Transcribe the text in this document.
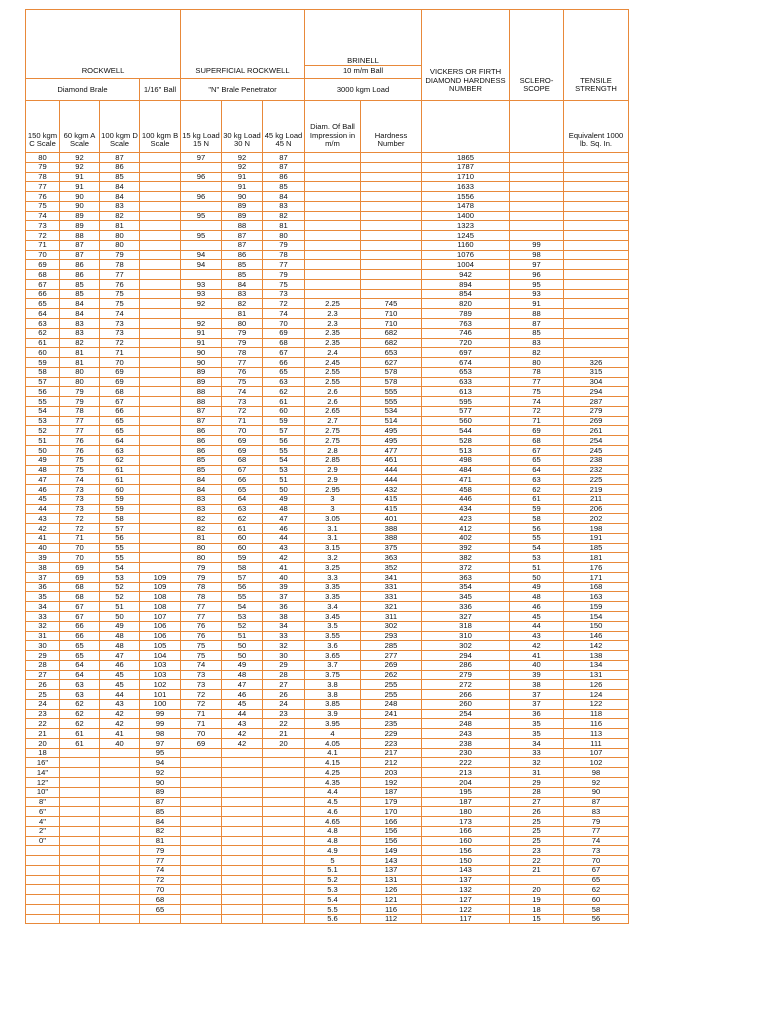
ROCKWELL				SUPERFICIAL ROCKWELL			BRINELL
10 m/m Ball		VICKERS OR FIRTH DIAMOND HARDNESS NUMBER	SCLERO-SCOPE	TENSILE STRENGTH
Diamond Brale			1/16" Ball	"N" Brale Penetrator			3000 kgm Load				
150 kgm C Scale	60 kgm A Scale	100 kgm D Scale	100 kgm B Scale	15 kg Load 15 N	30 kg Load 30 N	45 kg Load 45 N	Diam. Of Ball Impression in m/m	Hardness Number			Equivalent 1000 lb. Sq. In.
80	92	87		97	92	87			1865		
79	92	86			92	87			1787		
78	91	85		96	91	86			1710		
77	91	84			91	85			1633		
76	90	84		96	90	84			1556		
75	90	83			89	83			1478		
74	89	82		95	89	82			1400		
73	89	81			88	81			1323		
72	88	80		95	87	80			1245		
71	87	80			87	79			1160	99	
70	87	79		94	86	78			1076	98	
69	86	78		94	85	77			1004	97	
68	86	77			85	79			942	96	
67	85	76		93	84	75			894	95	
66	85	75		93	83	73			854	93	
65	84	75		92	82	72	2.25	745	820	91	
64	84	74			81	74	2.3	710	789	88	
63	83	73		92	80	70	2.3	710	763	87	
62	83	73		91	79	69	2.35	682	746	85	
61	82	72		91	79	68	2.35	682	720	83	
60	81	71		90	78	67	2.4	653	697	82	
59	81	70		90	77	66	2.45	627	674	80	326
58	80	69		89	76	65	2.55	578	653	78	315
57	80	69		89	75	63	2.55	578	633	77	304
56	79	68		88	74	62	2.6	555	613	75	294
55	79	67		88	73	61	2.6	555	595	74	287
54	78	66		87	72	60	2.65	534	577	72	279
53	77	65		87	71	59	2.7	514	560	71	269
52	77	65		86	70	57	2.75	495	544	69	261
51	76	64		86	69	56	2.75	495	528	68	254
50	76	63		86	69	55	2.8	477	513	67	245
49	75	62		85	68	54	2.85	461	498	65	238
48	75	61		85	67	53	2.9	444	484	64	232
47	74	61		84	66	51	2.9	444	471	63	225
46	73	60		84	65	50	2.95	432	458	62	219
45	73	59		83	64	49	3	415	446	61	211
44	73	59		83	63	48	3	415	434	59	206
43	72	58		82	62	47	3.05	401	423	58	202
42	72	57		82	61	46	3.1	388	412	56	198
41	71	56		81	60	44	3.1	388	402	55	191
40	70	55		80	60	43	3.15	375	392	54	185
39	70	55		80	59	42	3.2	363	382	53	181
38	69	54		79	58	41	3.25	352	372	51	176
37	69	53	109	79	57	40	3.3	341	363	50	171
36	68	52	109	78	56	39	3.35	331	354	49	168
35	68	52	108	78	55	37	3.35	331	345	48	163
34	67	51	108	77	54	36	3.4	321	336	46	159
33	67	50	107	77	53	38	3.45	311	327	45	154
32	66	49	106	76	52	34	3.5	302	318	44	150
31	66	48	106	76	51	33	3.55	293	310	43	146
30	65	48	105	75	50	32	3.6	285	302	42	142
29	65	47	104	75	50	30	3.65	277	294	41	138
28	64	46	103	74	49	29	3.7	269	286	40	134
27	64	45	103	73	48	28	3.75	262	279	39	131
26	63	45	102	73	47	27	3.8	255	272	38	126
25	63	44	101	72	46	26	3.8	255	266	37	124
24	62	43	100	72	45	24	3.85	248	260	37	122
23	62	42	99	71	44	23	3.9	241	254	36	118
22	62	42	99	71	43	22	3.95	235	248	35	116
21	61	41	98	70	42	21	4	229	243	35	113
20	61	40	97	69	42	20	4.05	223	238	34	111
18			95				4.1	217	230	33	107
16"			94				4.15	212	222	32	102
14"			92				4.25	203	213	31	98
12"			90				4.35	192	204	29	92
10"			89				4.4	187	195	28	90
8"			87				4.5	179	187	27	87
6"			85				4.6	170	180	26	83
4"			84				4.65	166	173	25	79
2"			82				4.8	156	166	25	77
0"			81				4.8	156	160	25	74
			79				4.9	149	156	23	73
			77				5	143	150	22	70
			74				5.1	137	143	21	67
			72				5.2	131	137		65
			70				5.3	126	132	20	62
			68				5.4	121	127	19	60
			65				5.5	116	122	18	58
							5.6	112	117	15	56
